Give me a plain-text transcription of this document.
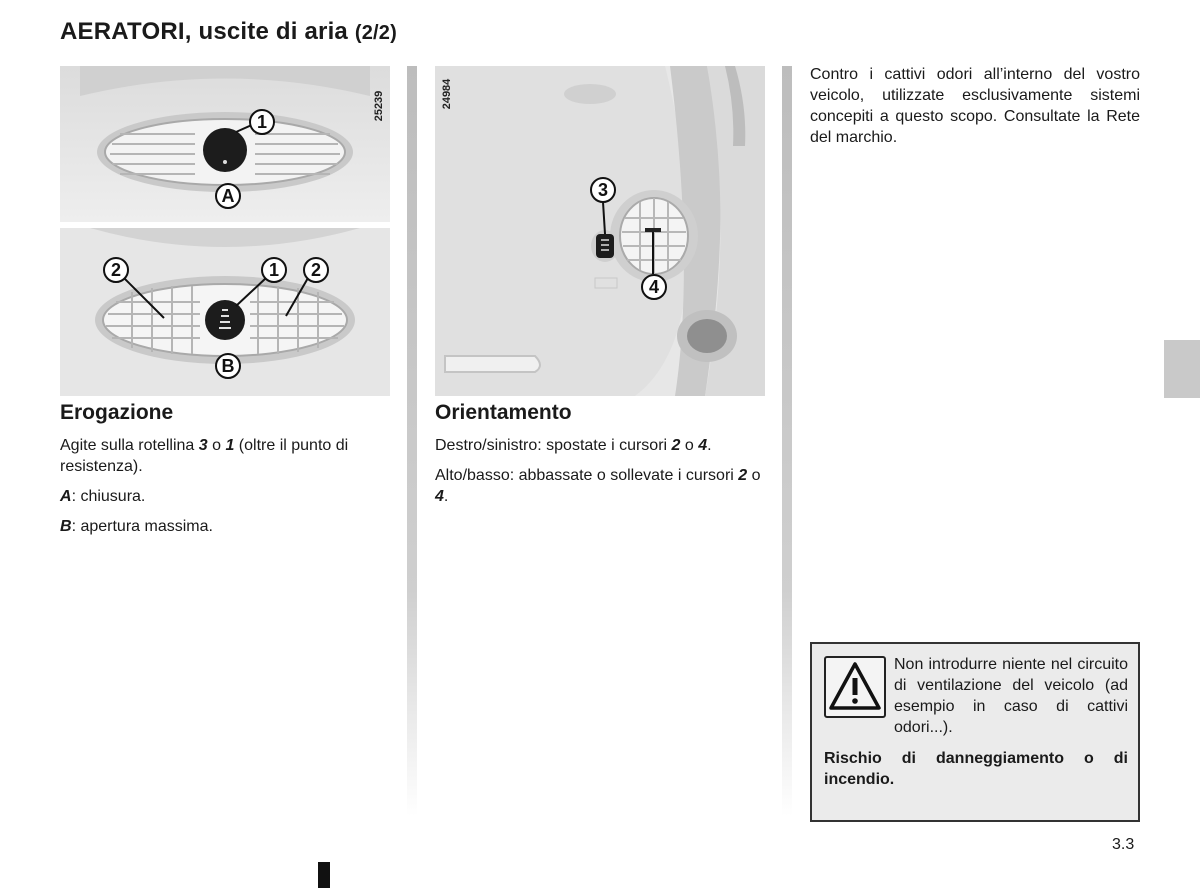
AERATORI, uscite di aria (2/2)
1
A
25239
2	1 2
B
3
4
24984
Erogazione
Agite sulla rotellina 3 o 1 (oltre il punto di resistenza).
A: chiusura.
B: apertura massima.
Orientamento
Destro/sinistro: spostate i cursori 2 o 4.
Alto/basso: abbassate o sollevate i cursori 2 o 4.
Contro i cattivi odori all’interno del vostro veicolo, utilizzate esclusivamente sistemi concepiti a questo scopo. Consultate la Rete del marchio.
Non introdurre niente nel circuito di ventilazione del veicolo (ad esempio in caso di cattivi odori...).
Rischio di danneggiamento o di incendio.
3.3
